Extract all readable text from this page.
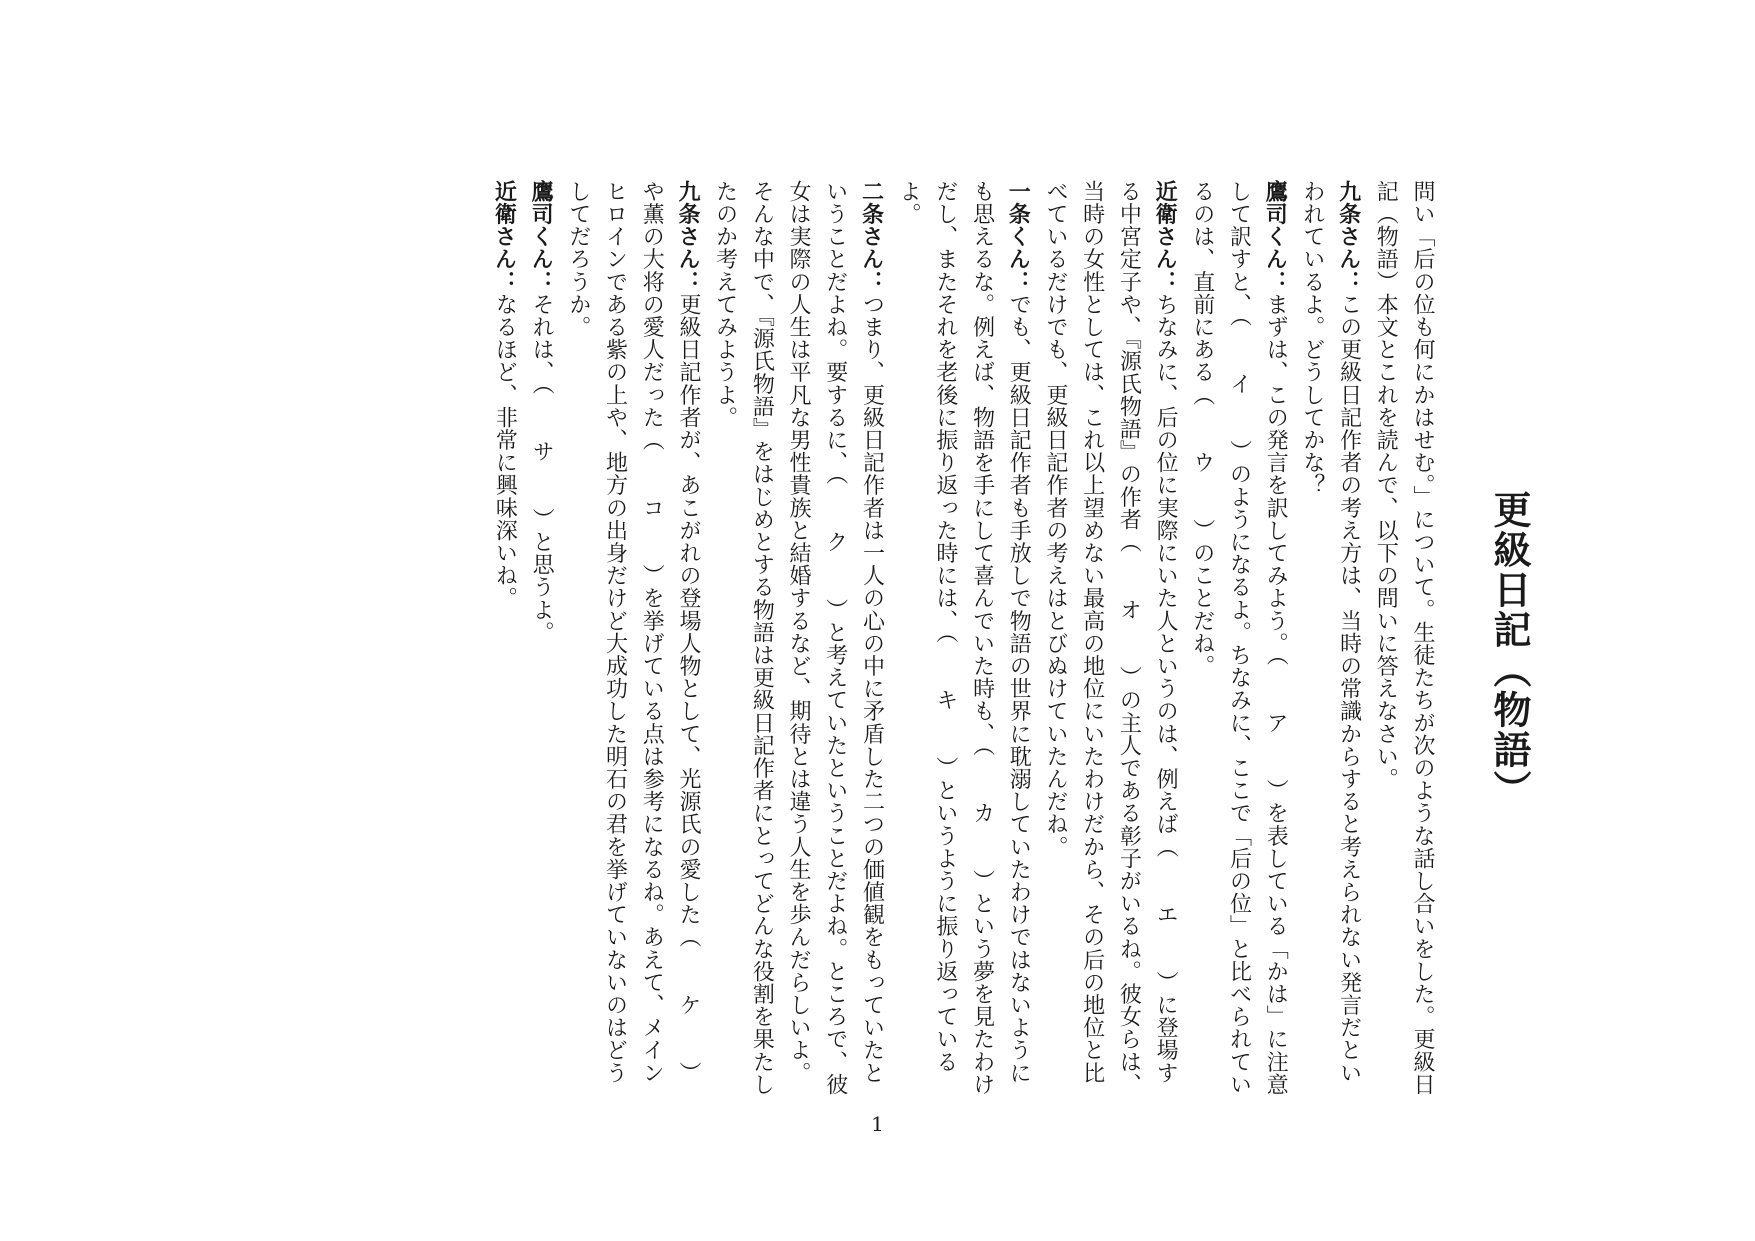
更級日記（物語）

問い「后の位も何にかはせむ。」について。生徒たちが次のような話し合いをした。更級日記（物語）本文とこれを読んで、以下の問いに答えなさい。

九条さん：この更級日記作者の考え方は、当時の常識からすると考えられない発言だといわれているよ。どうしてかな？

鷹司くん：まずは、この発言を訳してみよう。（　　ア　　）を表している「かは」に注意して訳すと、（　　イ　　）のようになるよ。ちなみに、ここで「后の位」と比べられているのは、直前にある（　　ウ　　）のことだね。

近衛さん：ちなみに、后の位に実際にいた人というのは、例えば（　　エ　　）に登場する中宮定子や、『源氏物語』の作者（　　オ　　）の主人である彰子がいるね。彼女らは、当時の女性としては、これ以上望めない最高の地位にいたわけだから、その后の地位と比べているだけでも、更級日記作者の考えはとびぬけていたんだね。

一条くん：でも、更級日記作者も手放しで物語の世界に耽溺していたわけではないようにも思えるな。例えば、物語を手にして喜んでいた時も、（　　カ　　）という夢を見たわけだし、またそれを老後に振り返った時には、（　　キ　　）というように振り返っているよ。

二条さん：つまり、更級日記作者は一人の心の中に矛盾した二つの価値観をもっていたということだよね。要するに、（　　ク　　）と考えていたということだよね。ところで、彼女は実際の人生は平凡な男性貴族と結婚するなど、期待とは違う人生を歩んだらしいよ。そんな中で、『源氏物語』をはじめとする物語は更級日記作者にとってどんな役割を果たしたのか考えてみようよ。

九条さん：更級日記作者が、あこがれの登場人物として、光源氏の愛した（　　ケ　　）や薫の大将の愛人だった（　　コ　　）を挙げている点は参考になるね。あえて、メインヒロインである紫の上や、地方の出身だけど大成功した明石の君を挙げていないのはどうしてだろうか。

鷹司くん：それは、（　　サ　　）と思うよ。

近衛さん：なるほど、非常に興味深いね。

1
